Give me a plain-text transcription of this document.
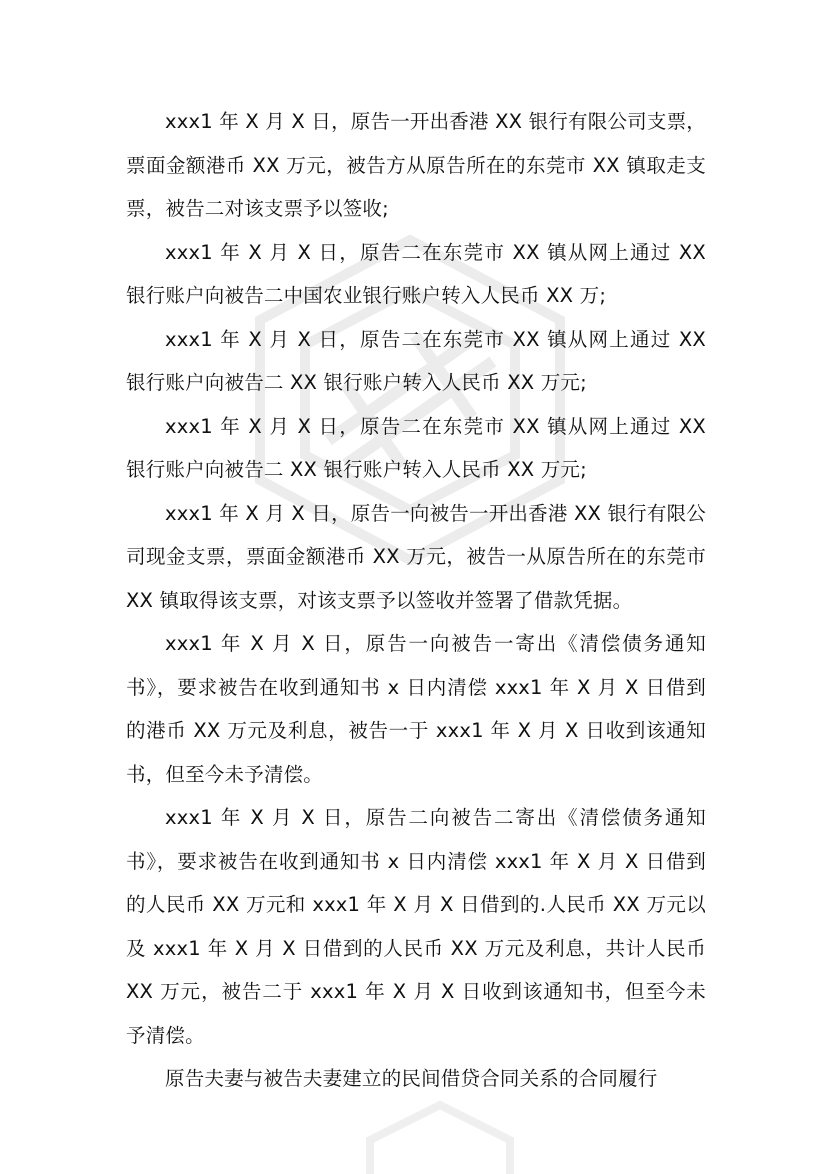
xxx1 年 X 月 X 日，原告一开出香港 XX 银行有限公司支票，票面金额港币 XX 万元，被告方从原告所在的东莞市 XX 镇取走支票，被告二对该支票予以签收;

xxx1 年 X 月 X 日，原告二在东莞市 XX 镇从网上通过 XX 银行账户向被告二中国农业银行账户转入人民币 XX 万;

xxx1 年 X 月 X 日，原告二在东莞市 XX 镇从网上通过 XX 银行账户向被告二 XX 银行账户转入人民币 XX 万元;

xxx1 年 X 月 X 日，原告二在东莞市 XX 镇从网上通过 XX 银行账户向被告二 XX 银行账户转入人民币 XX 万元;

xxx1 年 X 月 X 日，原告一向被告一开出香港 XX 银行有限公司现金支票，票面金额港币 XX 万元，被告一从原告所在的东莞市 XX 镇取得该支票，对该支票予以签收并签署了借款凭据。

xxx1 年 X 月 X 日，原告一向被告一寄出《清偿债务通知书》，要求被告在收到通知书 x 日内清偿 xxx1 年 X 月 X 日借到的港币 XX 万元及利息，被告一于 xxx1 年 X 月 X 日收到该通知书，但至今未予清偿。

xxx1 年 X 月 X 日，原告二向被告二寄出《清偿债务通知书》，要求被告在收到通知书 x 日内清偿 xxx1 年 X 月 X 日借到的人民币 XX 万元和 xxx1 年 X 月 X 日借到的.人民币 XX 万元以及 xxx1 年 X 月 X 日借到的人民币 XX 万元及利息，共计人民币 XX 万元，被告二于 xxx1 年 X 月 X 日收到该通知书，但至今未予清偿。

原告夫妻与被告夫妻建立的民间借贷合同关系的合同履行
